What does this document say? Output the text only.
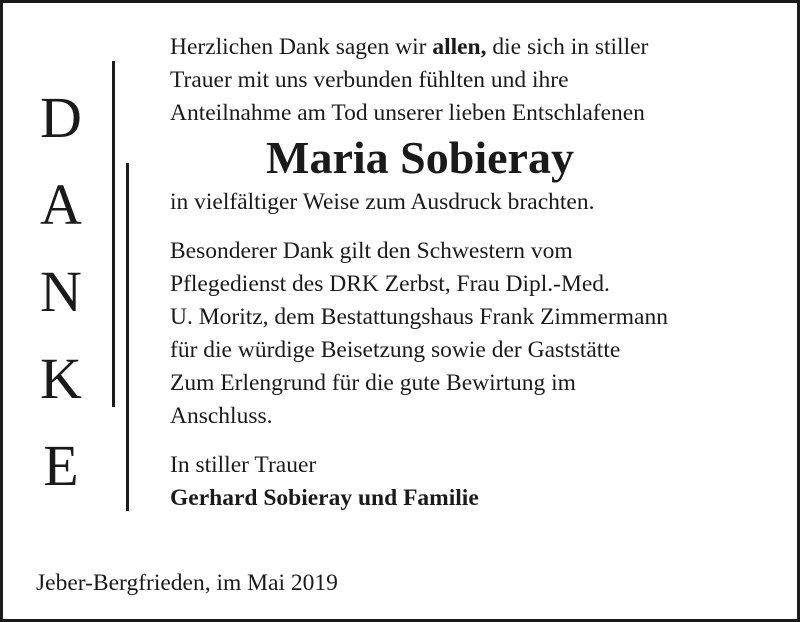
D
A
N
K
E

Herzlichen Dank sagen wir allen, die sich in stiller

Trauer mit uns verbunden fühlten und ihre

Anteilnahme am Tod unserer lieben Entschlafenen

Maria Sobieray

in vielfältiger Weise zum Ausdruck brachten.

Besonderer Dank gilt den Schwestern vom

Pflegedienst des DRK Zerbst, Frau Dipl.-Med.

U. Moritz, dem Bestattungshaus Frank Zimmermann

für die würdige Beisetzung sowie der Gaststätte

Zum Erlengrund für die gute Bewirtung im

Anschluss.

In stiller Trauer

Gerhard Sobieray und Familie

Jeber-Bergfrieden, im Mai 2019
